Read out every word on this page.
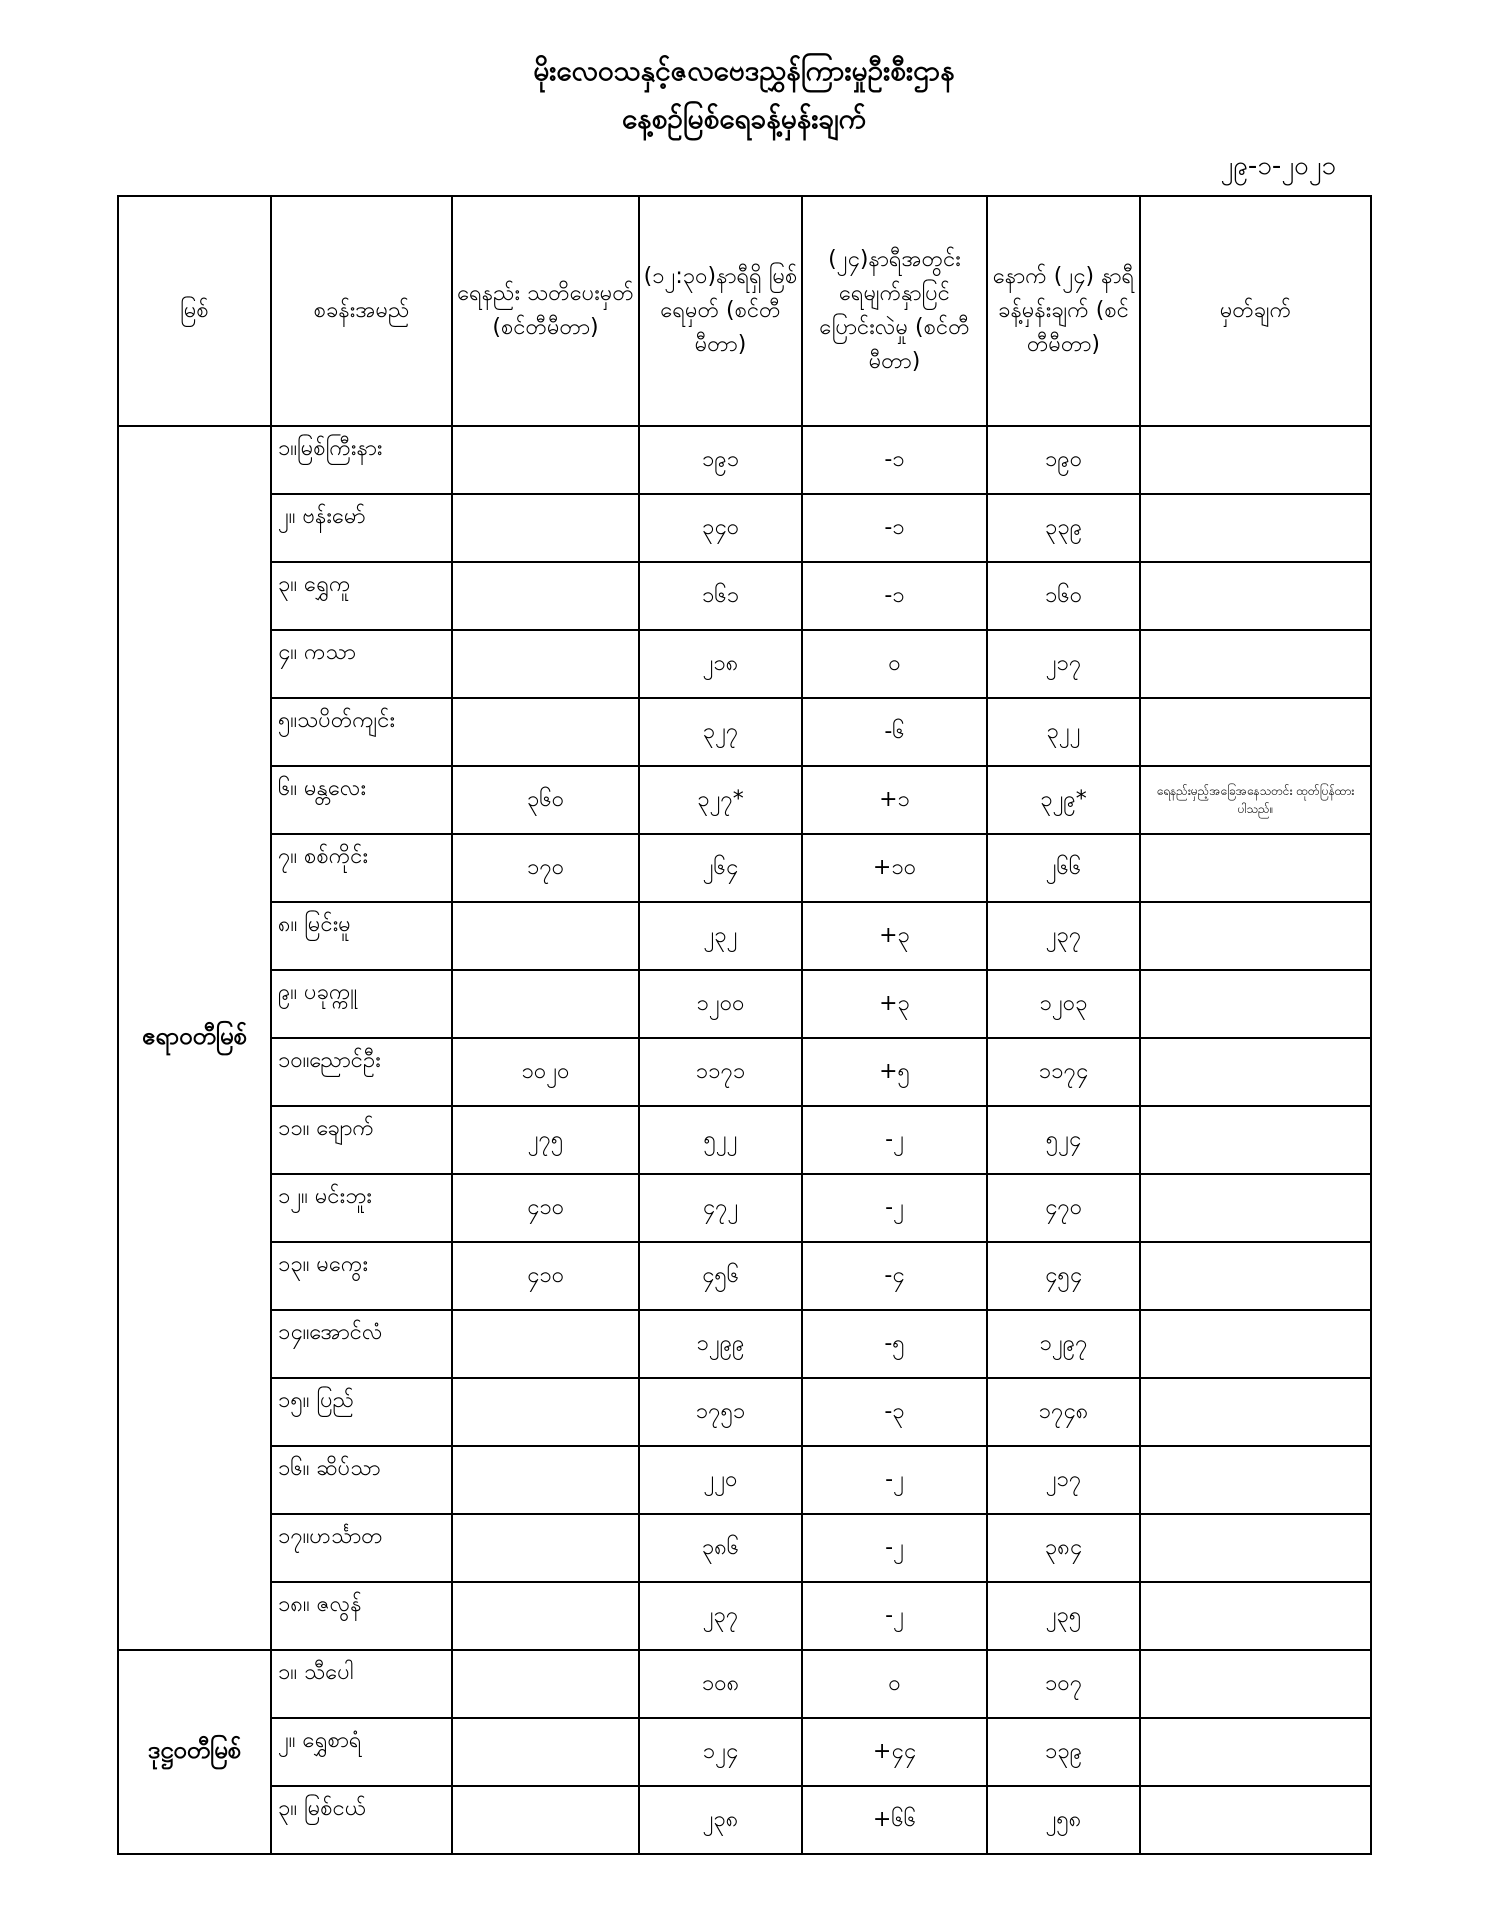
မိုးလေဝသနှင့်ဇလဗေဒညွှန်ကြားမှုဦးစီးဌာန
နေ့စဉ်မြစ်ရေခန့်မှန်းချက်
၂၉-၁-၂၀၂၁
မြစ်	စခန်းအမည်	ရေနည်း သတိပေးမှတ် (စင်တီမီတာ)	(၁၂:၃၀)နာရီရှိ မြစ်ရေမှတ် (စင်တီမီတာ)	(၂၄)နာရီအတွင်း ရေမျက်နှာပြင် ပြောင်းလဲမှု (စင်တီမီတာ)	နောက် (၂၄) နာရီ ခန့်မှန်းချက် (စင်တီမီတာ)	မှတ်ချက်
ဧရာဝတီမြစ်	၁။မြစ်ကြီးနား		၁၉၁	-၁	၁၉၀	
	၂။ ဗန်းမော်		၃၄၀	-၁	၃၃၉	
	၃။ ရွှေကူ		၁၆၁	-၁	၁၆၀	
	၄။ ကသာ		၂၁၈	၀	၂၁၇	
	၅။သပိတ်ကျင်း		၃၂၇	-၆	၃၂၂	
	၆။ မန္တလေး	၃၆၀	၃၂၇*	+၁	၃၂၉*	ရေနည်းမှည့်အခြေအနေသတင်း ထုတ်ပြန်ထားပါသည်။
	၇။ စစ်ကိုင်း	၁၇၀	၂၆၄	+၁၀	၂၆၆	
	၈။ မြင်းမူ		၂၃၂	+၃	၂၃၇	
	၉။ ပခုက္ကူ		၁၂၀၀	+၃	၁၂၀၃	
	၁၀။ညောင်ဦး	၁၀၂၀	၁၁၇၁	+၅	၁၁၇၄	
	၁၁။ ချောက်	၂၇၅	၅၂၂	-၂	၅၂၄	
	၁၂။ မင်းဘူး	၄၁၀	၄၇၂	-၂	၄၇၀	
	၁၃။ မကွေး	၄၁၀	၄၅၆	-၄	၄၅၄	
	၁၄။အောင်လံ		၁၂၉၉	-၅	၁၂၉၇	
	၁၅။ ပြည်		၁၇၅၁	-၃	၁၇၄၈	
	၁၆။ ဆိပ်သာ		၂၂၀	-၂	၂၁၇	
	၁၇။ဟင်္သာတ		၃၈၆	-၂	၃၈၄	
	၁၈။ ဇလွန်		၂၃၇	-၂	၂၃၅	
ဒုဋ္ဌဝတီမြစ်	၁။ သီပေါ		၁၀၈	၀	၁၀၇	
	၂။ ရွှေစာရံ		၁၂၄	+၄၄	၁၃၉	
	၃။ မြစ်ငယ်		၂၃၈	+၆၆	၂၅၈	
